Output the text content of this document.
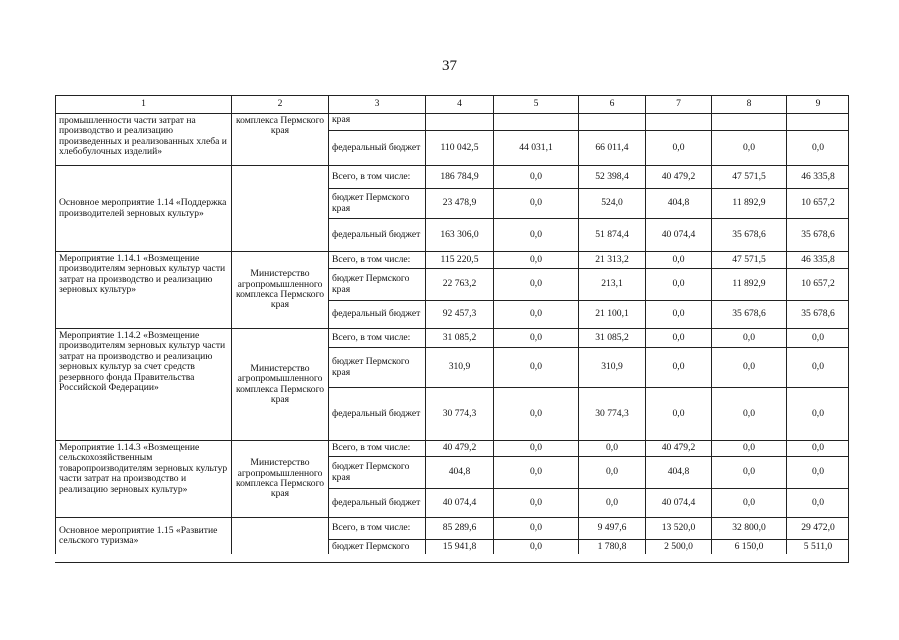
37
1	2	3	4	5	6	7	8	9
промышленности части затрат на производство и реализацию произведенных и реализованных хлеба и хлебобулочных изделий»
комплекса Пермского края
края
федеральный бюджет	110 042,5	44 031,1	66 011,4	0,0	0,0	0,0
Основное мероприятие 1.14 «Поддержка производителей зерновых культур»
Всего, в том числе:	186 784,9	0,0	52 398,4	40 479,2	47 571,5	46 335,8
бюджет Пермского края	23 478,9	0,0	524,0	404,8	11 892,9	10 657,2
федеральный бюджет	163 306,0	0,0	51 874,4	40 074,4	35 678,6	35 678,6
Мероприятие 1.14.1 «Возмещение производителям зерновых культур части затрат на производство и реализацию зерновых культур»
Министерство агропромышленного комплекса Пермского края
Всего, в том числе:	115 220,5	0,0	21 313,2	0,0	47 571,5	46 335,8
бюджет Пермского края	22 763,2	0,0	213,1	0,0	11 892,9	10 657,2
федеральный бюджет	92 457,3	0,0	21 100,1	0,0	35 678,6	35 678,6
Мероприятие 1.14.2 «Возмещение производителям зерновых культур части затрат на производство и реализацию зерновых культур за счет средств резервного фонда Правительства Российской Федерации»
Министерство агропромышленного комплекса Пермского края
Всего, в том числе:	31 085,2	0,0	31 085,2	0,0	0,0	0,0
бюджет Пермского края	310,9	0,0	310,9	0,0	0,0	0,0
федеральный бюджет	30 774,3	0,0	30 774,3	0,0	0,0	0,0
Мероприятие 1.14.3 «Возмещение сельскохозяйственным товаропроизводителям зерновых культур части затрат на производство и реализацию зерновых культур»
Министерство агропромышленного комплекса Пермского края
Всего, в том числе:	40 479,2	0,0	0,0	40 479,2	0,0	0,0
бюджет Пермского края	404,8	0,0	0,0	404,8	0,0	0,0
федеральный бюджет	40 074,4	0,0	0,0	40 074,4	0,0	0,0
Основное мероприятие 1.15 «Развитие сельского туризма»
Всего, в том числе:	85 289,6	0,0	9 497,6	13 520,0	32 800,0	29 472,0
бюджет Пермского	15 941,8	0,0	1 780,8	2 500,0	6 150,0	5 511,0
